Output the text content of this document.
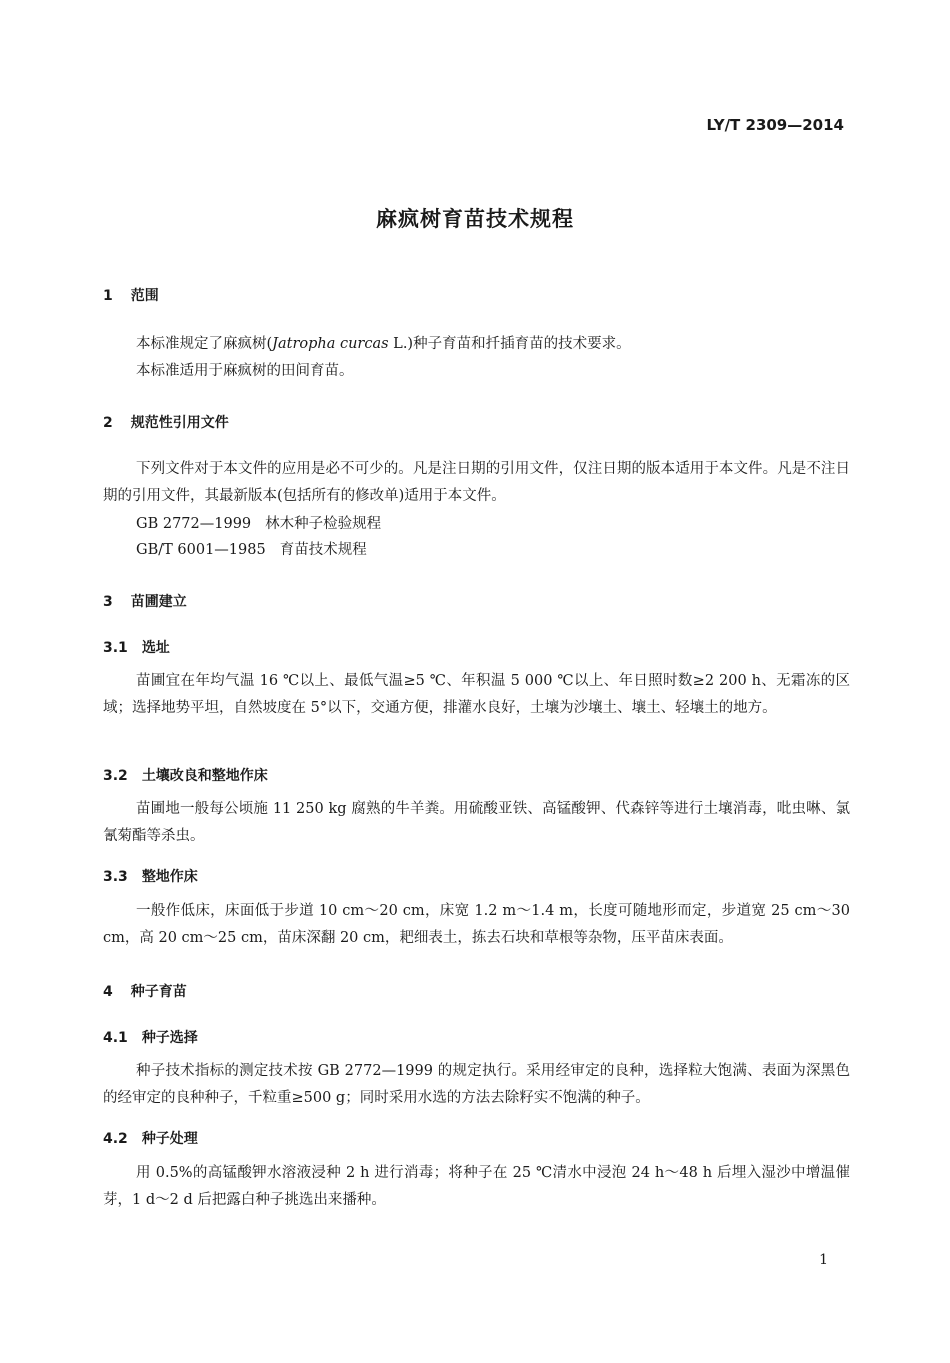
LY/T 2309—2014
麻疯树育苗技术规程
1 范围
本标准规定了麻疯树(Jatropha curcas L.)种子育苗和扦插育苗的技术要求。
本标准适用于麻疯树的田间育苗。
2 规范性引用文件
下列文件对于本文件的应用是必不可少的。凡是注日期的引用文件，仅注日期的版本适用于本文件。凡是不注日期的引用文件，其最新版本(包括所有的修改单)适用于本文件。
GB 2772—1999 林木种子检验规程
GB/T 6001—1985 育苗技术规程
3 苗圃建立
3.1 选址
苗圃宜在年均气温 16 ℃以上、最低气温≥5 ℃、年积温 5 000 ℃以上、年日照时数≥2 200 h、无霜冻的区域；选择地势平坦，自然坡度在 5°以下，交通方便，排灌水良好，土壤为沙壤土、壤土、轻壤土的地方。
3.2 土壤改良和整地作床
苗圃地一般每公顷施 11 250 kg 腐熟的牛羊粪。用硫酸亚铁、高锰酸钾、代森锌等进行土壤消毒，吡虫啉、氯氰菊酯等杀虫。
3.3 整地作床
一般作低床，床面低于步道 10 cm～20 cm，床宽 1.2 m～1.4 m，长度可随地形而定，步道宽 25 cm～30 cm，高 20 cm～25 cm，苗床深翻 20 cm，耙细表土，拣去石块和草根等杂物，压平苗床表面。
4 种子育苗
4.1 种子选择
种子技术指标的测定技术按 GB 2772—1999 的规定执行。采用经审定的良种，选择粒大饱满、表面为深黑色的经审定的良种种子，千粒重≥500 g；同时采用水选的方法去除籽实不饱满的种子。
4.2 种子处理
用 0.5%的高锰酸钾水溶液浸种 2 h 进行消毒；将种子在 25 ℃清水中浸泡 24 h～48 h 后埋入湿沙中增温催芽，1 d～2 d 后把露白种子挑选出来播种。
1
